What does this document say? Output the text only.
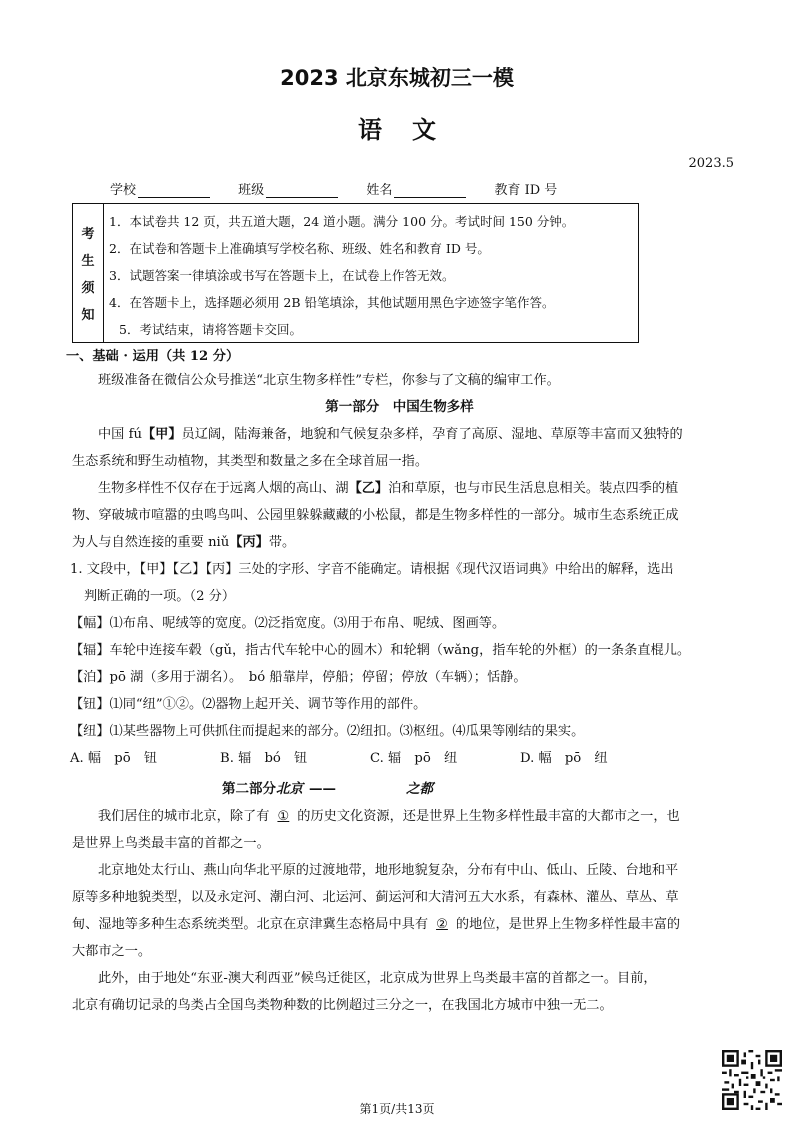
2023 北京东城初三一模
语文
2023.5
学校	班级	姓名	教育 ID 号
考
生
须
知
1．本试卷共 12 页，共五道大题，24 道小题。满分 100 分。考试时间 150 分钟。
2．在试卷和答题卡上准确填写学校名称、班级、姓名和教育 ID 号。
3．试题答案一律填涂或书写在答题卡上，在试卷上作答无效。
4．在答题卡上，选择题必须用 2B 铅笔填涂，其他试题用黑色字迹签字笔作答。
5．考试结束，请将答题卡交回。
一、基础 · 运用（共 12 分）
班级准备在微信公众号推送“北京生物多样性”专栏，你参与了文稿的编审工作。
第一部分　中国生物多样
中国 fú【甲】员辽阔，陆海兼备，地貌和气候复杂多样，孕育了高原、湿地、草原等丰富而又独特的
生态系统和野生动植物，其类型和数量之多在全球首屈一指。
生物多样性不仅存在于远离人烟的高山、湖【乙】泊和草原，也与市民生活息息相关。装点四季的植
物、穿破城市喧嚣的虫鸣鸟叫、公园里躲躲藏藏的小松鼠，都是生物多样性的一部分。城市生态系统正成
为人与自然连接的重要 niǔ【丙】带。
1. 文段中，【甲】【乙】【丙】三处的字形、字音不能确定。请根据《现代汉语词典》中给出的解释，选出
判断正确的一项。（2 分）
【幅】⑴布帛、呢绒等的宽度。⑵泛指宽度。⑶用于布帛、呢绒、图画等。
【辐】车轮中连接车毂（gǔ，指古代车轮中心的圆木）和轮辋（wǎng，指车轮的外框）的一条条直棍儿。
【泊】pō 湖（多用于湖名）。　bó 船靠岸，停船；停留；停放（车辆）；恬静。
【钮】⑴同“纽”①②。⑵器物上起开关、调节等作用的部件。
【纽】⑴某些器物上可供抓住而提起来的部分。⑵纽扣。⑶枢纽。⑷瓜果等刚结的果实。
A. 幅　pō　钮	B. 辐　bó　钮	C. 辐　pō　纽	D. 幅　pō　纽
第二部分北京 ——	之都
我们居住的城市北京，除了有 ① 的历史文化资源，还是世界上生物多样性最丰富的大都市之一，也
是世界上鸟类最丰富的首都之一。
北京地处太行山、燕山向华北平原的过渡地带，地形地貌复杂，分布有中山、低山、丘陵、台地和平
原等多种地貌类型，以及永定河、潮白河、北运河、蓟运河和大清河五大水系，有森林、灌丛、草丛、草
甸、湿地等多种生态系统类型。北京在京津冀生态格局中具有 ② 的地位，是世界上生物多样性最丰富的
大都市之一。
此外，由于地处“东亚-澳大利西亚”候鸟迁徙区，北京成为世界上鸟类最丰富的首都之一。目前，
北京有确切记录的鸟类占全国鸟类物种数的比例超过三分之一，在我国北方城市中独一无二。
第1页/共13页
